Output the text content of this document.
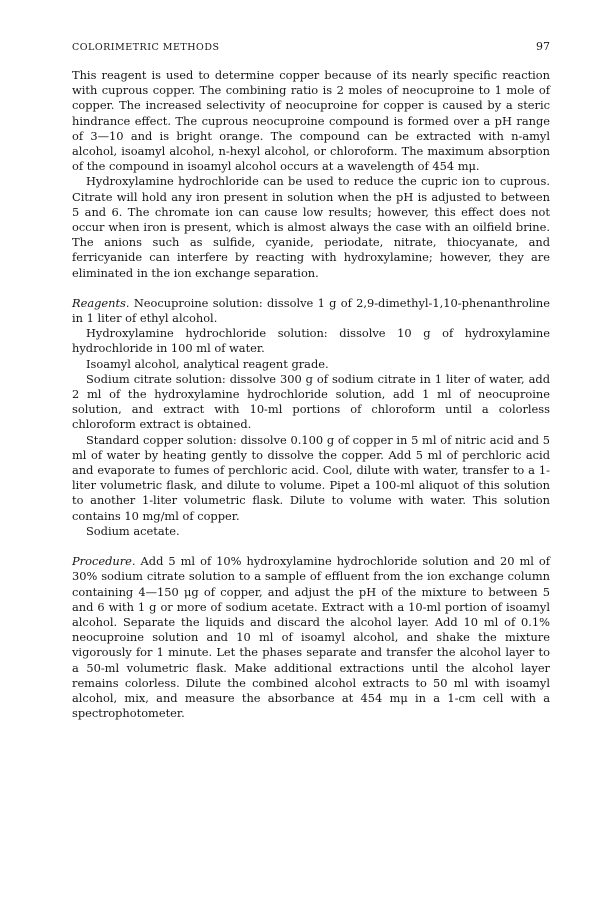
COLORIMETRIC METHODS	97

This reagent is used to determine copper because of its nearly specific reaction with cuprous copper. The combining ratio is 2 moles of neocuproine to 1 mole of copper. The increased selectivity of neocuproine for copper is caused by a steric hindrance effect. The cuprous neocuproine compound is formed over a pH range of 3—10 and is bright orange. The compound can be extracted with n-amyl alcohol, isoamyl alcohol, n-hexyl alcohol, or chloroform. The maximum absorption of the compound in isoamyl alcohol occurs at a wavelength of 454 mμ.

Hydroxylamine hydrochloride can be used to reduce the cupric ion to cuprous. Citrate will hold any iron present in solution when the pH is adjusted to between 5 and 6. The chromate ion can cause low results; however, this effect does not occur when iron is present, which is almost always the case with an oilfield brine. The anions such as sulfide, cyanide, periodate, nitrate, thiocyanate, and ferricyanide can interfere by reacting with hydroxylamine; however, they are eliminated in the ion exchange separation.

Reagents. Neocuproine solution: dissolve 1 g of 2,9-dimethyl-1,10-phenanthroline in 1 liter of ethyl alcohol.

Hydroxylamine hydrochloride solution: dissolve 10 g of hydroxylamine hydrochloride in 100 ml of water.

Isoamyl alcohol, analytical reagent grade.

Sodium citrate solution: dissolve 300 g of sodium citrate in 1 liter of water, add 2 ml of the hydroxylamine hydrochloride solution, add 1 ml of neocuproine solution, and extract with 10-ml portions of chloroform until a colorless chloroform extract is obtained.

Standard copper solution: dissolve 0.100 g of copper in 5 ml of nitric acid and 5 ml of water by heating gently to dissolve the copper. Add 5 ml of perchloric acid and evaporate to fumes of perchloric acid. Cool, dilute with water, transfer to a 1-liter volumetric flask, and dilute to volume. Pipet a 100-ml aliquot of this solution to another 1-liter volumetric flask. Dilute to volume with water. This solution contains 10 mg/ml of copper.

Sodium acetate.

Procedure. Add 5 ml of 10% hydroxylamine hydrochloride solution and 20 ml of 30% sodium citrate solution to a sample of effluent from the ion exchange column containing 4—150 μg of copper, and adjust the pH of the mixture to between 5 and 6 with 1 g or more of sodium acetate. Extract with a 10-ml portion of isoamyl alcohol. Separate the liquids and discard the alcohol layer. Add 10 ml of 0.1% neocuproine solution and 10 ml of isoamyl alcohol, and shake the mixture vigorously for 1 minute. Let the phases separate and transfer the alcohol layer to a 50-ml volumetric flask. Make additional extractions until the alcohol layer remains colorless. Dilute the combined alcohol extracts to 50 ml with isoamyl alcohol, mix, and measure the absorbance at 454 mμ in a 1-cm cell with a spectrophotometer.
